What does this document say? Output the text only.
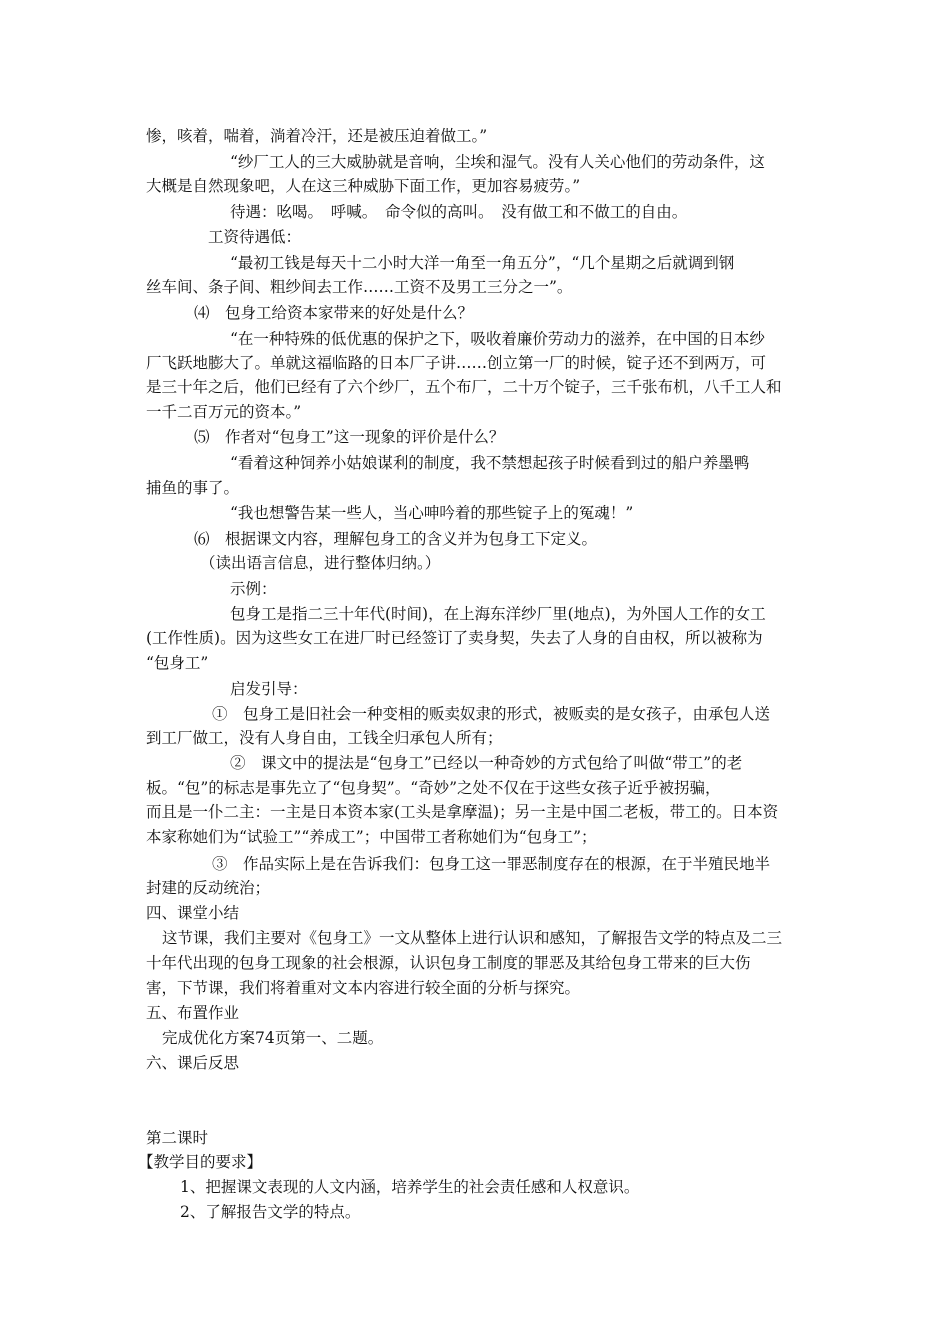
惨，咳着，喘着，淌着冷汗，还是被压迫着做工。”
“纱厂工人的三大威胁就是音响，尘埃和湿气。没有人关心他们的劳动条件，这
大概是自然现象吧，人在这三种威胁下面工作，更加容易疲劳。”
待遇：吆喝。　呼喊。　命令似的高叫。　没有做工和不做工的自由。
工资待遇低：
“最初工钱是每天十二小时大洋一角至一角五分”，“几个星期之后就调到钢
丝车间、条子间、粗纱间去工作……工资不及男工三分之一”。
⑷　包身工给资本家带来的好处是什么？
“在一种特殊的低优惠的保护之下，吸收着廉价劳动力的滋养，在中国的日本纱
厂飞跃地膨大了。单就这福临路的日本厂子讲……创立第一厂的时候，锭子还不到两万，可
是三十年之后，他们已经有了六个纱厂，五个布厂，二十万个锭子，三千张布机，八千工人和
一千二百万元的资本。”
⑸　作者对“包身工”这一现象的评价是什么？
“看着这种饲养小姑娘谋利的制度，我不禁想起孩子时候看到过的船户养墨鸭
捕鱼的事了。
“我也想警告某一些人，当心呻吟着的那些锭子上的冤魂！”
⑹　根据课文内容，理解包身工的含义并为包身工下定义。
（读出语言信息，进行整体归纳。）
示例：
包身工是指二三十年代(时间)，在上海东洋纱厂里(地点)，为外国人工作的女工
(工作性质)。因为这些女工在进厂时已经签订了卖身契，失去了人身的自由权，所以被称为
“包身工”
启发引导：
①　包身工是旧社会一种变相的贩卖奴隶的形式，被贩卖的是女孩子，由承包人送
到工厂做工，没有人身自由，工钱全归承包人所有；
②　课文中的提法是“包身工”已经以一种奇妙的方式包给了叫做“带工”的老
板。“包”的标志是事先立了“包身契”。“奇妙”之处不仅在于这些女孩子近乎被拐骗，
而且是一仆二主：一主是日本资本家(工头是拿摩温)；另一主是中国二老板，带工的。日本资
本家称她们为“试验工”“养成工”；中国带工者称她们为“包身工”；
③　作品实际上是在告诉我们：包身工这一罪恶制度存在的根源，在于半殖民地半
封建的反动统治；
四、课堂小结
这节课，我们主要对《包身工》一文从整体上进行认识和感知，了解报告文学的特点及二三
十年代出现的包身工现象的社会根源，认识包身工制度的罪恶及其给包身工带来的巨大伤
害，下节课，我们将着重对文本内容进行较全面的分析与探究。
五、布置作业
完成优化方案74页第一、二题。
六、课后反思
第二课时
【教学目的要求】
1、把握课文表现的人文内涵，培养学生的社会责任感和人权意识。
2、了解报告文学的特点。
